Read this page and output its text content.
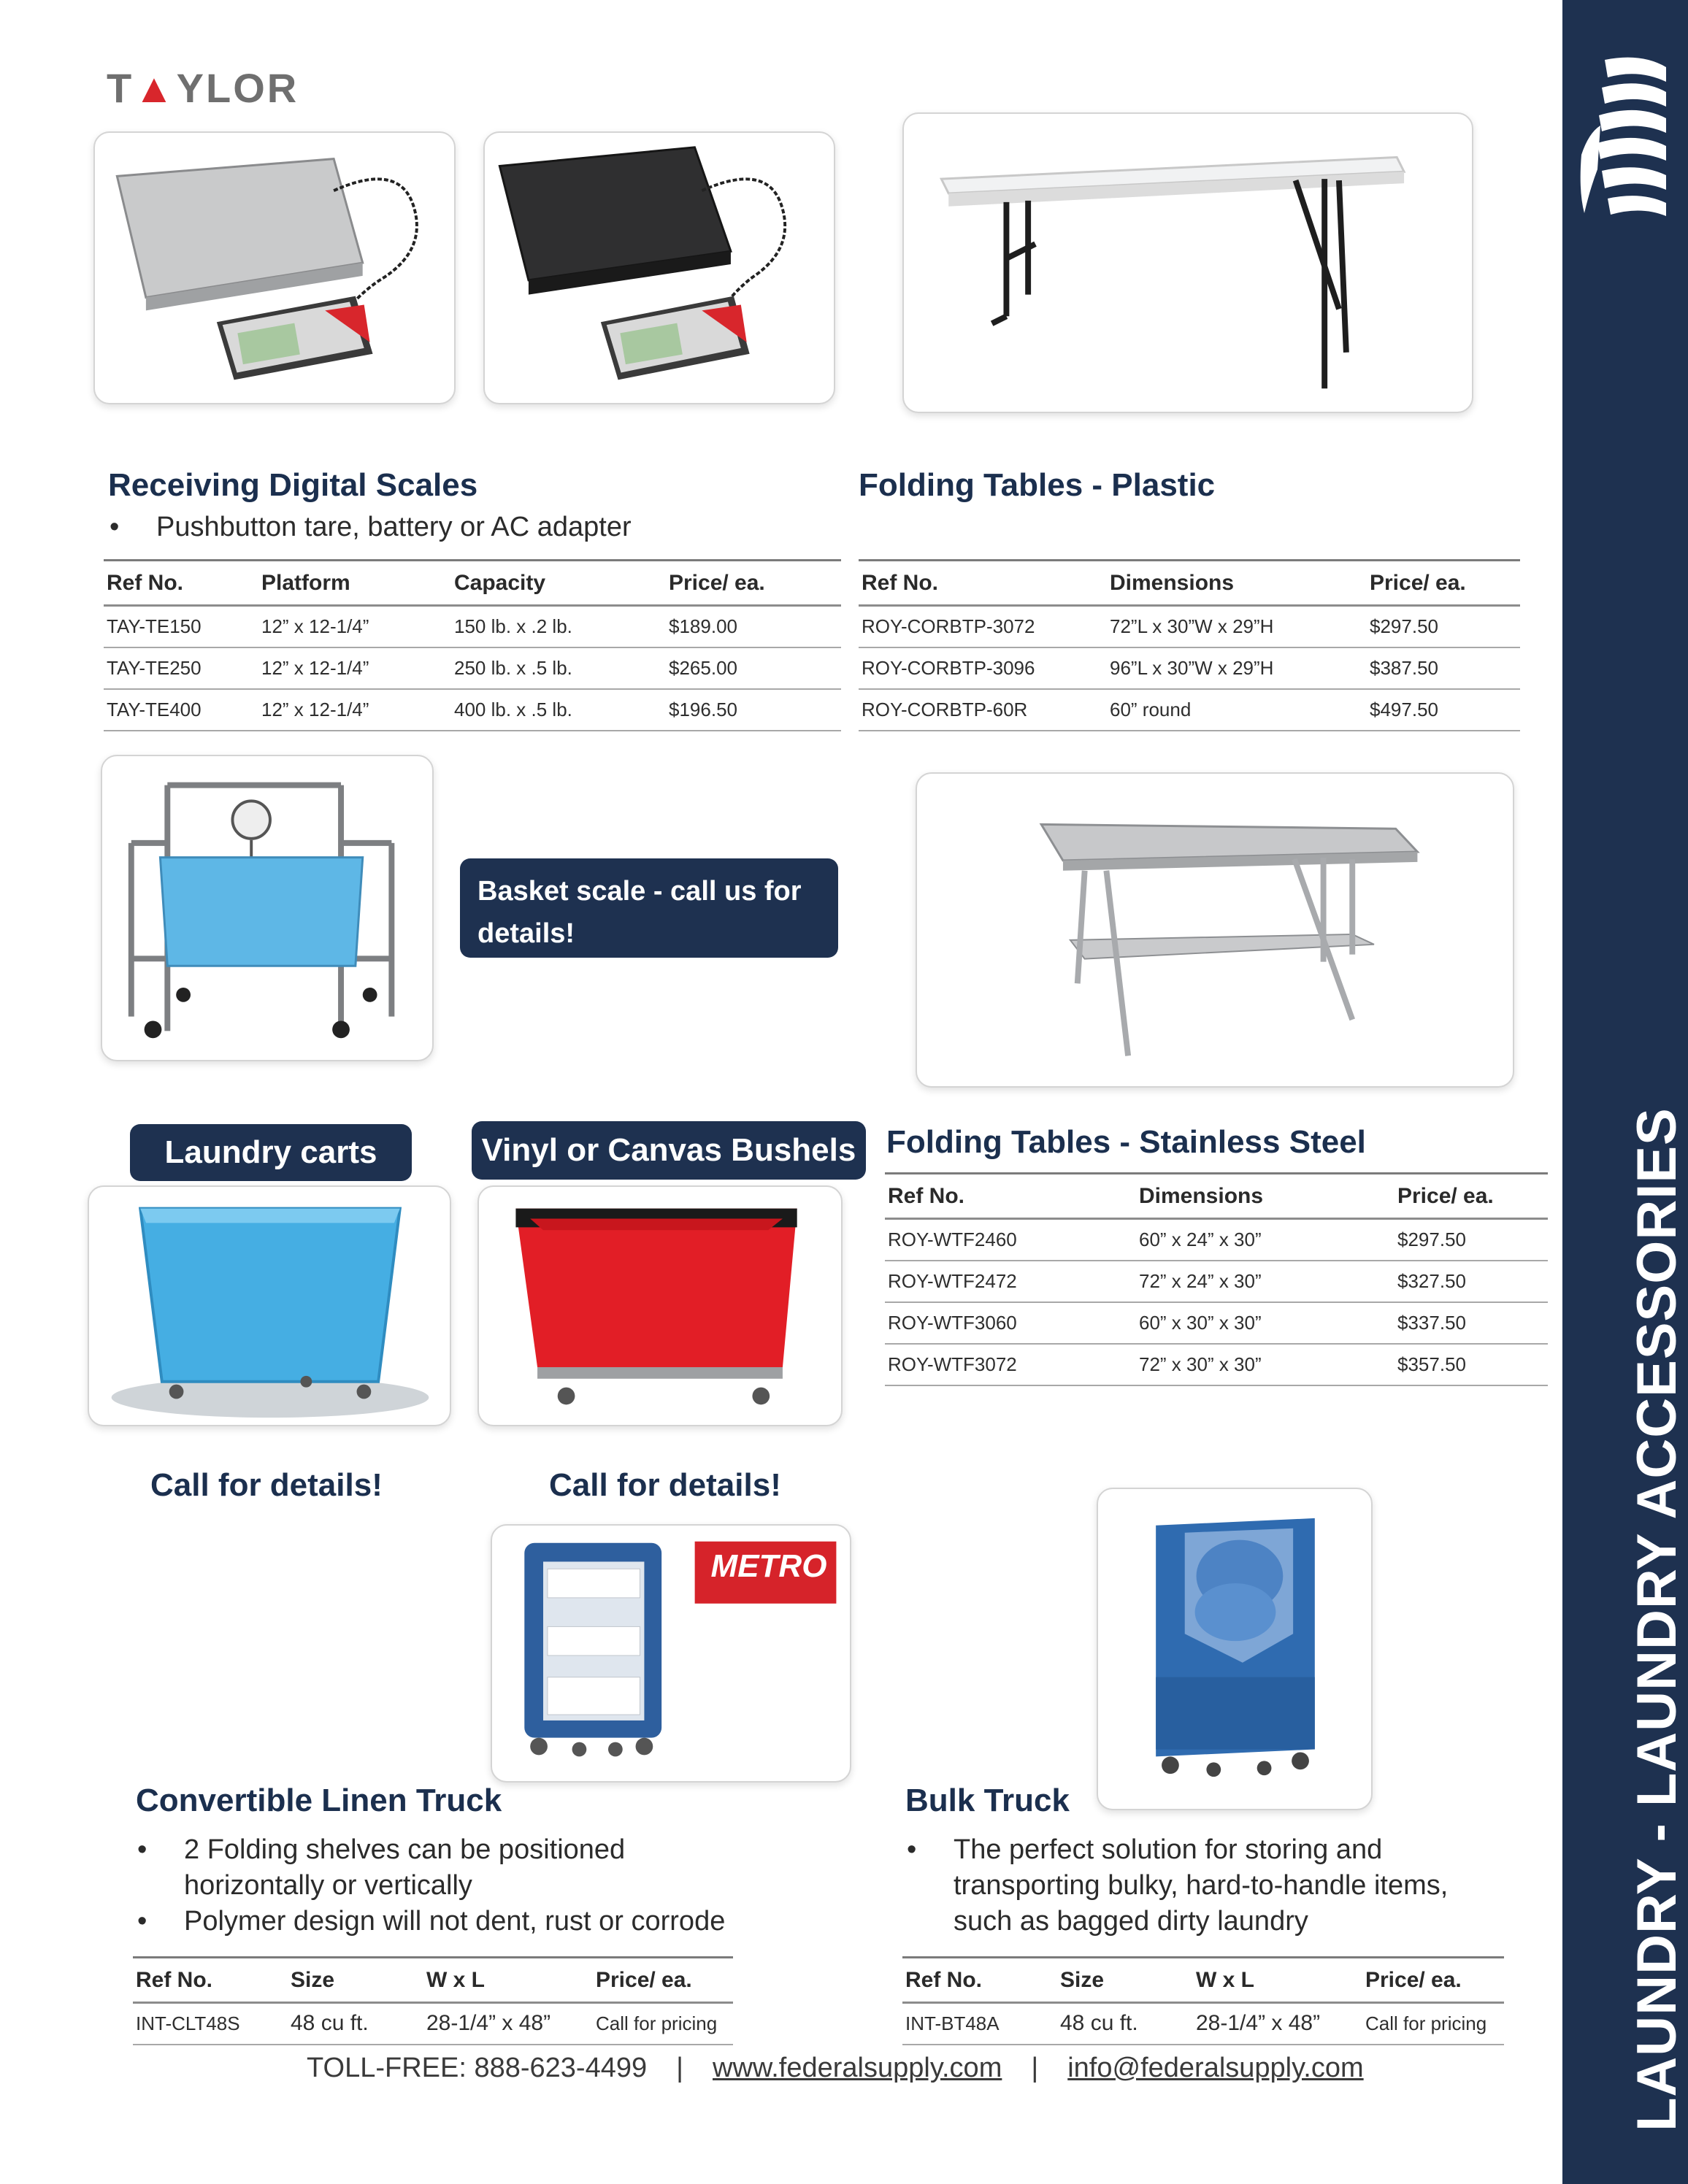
LAUNDRY - LAUNDRY ACCESSORIES
T▲YLOR
Receiving Digital Scales
• Pushbutton tare, battery or AC adapter
Ref No.	Platform	Capacity	Price/ ea.
TAY-TE150	12” x 12-1/4”	150 lb. x .2 lb.	$189.00
TAY-TE250	12” x 12-1/4”	250 lb. x .5 lb.	$265.00
TAY-TE400	12” x 12-1/4”	400 lb. x .5 lb.	$196.50
Folding Tables - Plastic
Ref No.	Dimensions	Price/ ea.
ROY-CORBTP-3072	72”L x 30”W x 29”H	$297.50
ROY-CORBTP-3096	96”L x 30”W x 29”H	$387.50
ROY-CORBTP-60R	60” round	$497.50
Basket scale - call us for
details!
Laundry carts	Vinyl or Canvas Bushels
Call for details!	Call for details!
Folding Tables - Stainless Steel
Ref No.	Dimensions	Price/ ea.
ROY-WTF2460	60” x 24” x 30”	$297.50
ROY-WTF2472	72” x 24” x 30”	$327.50
ROY-WTF3060	60” x 30” x 30”	$337.50
ROY-WTF3072	72” x 30” x 30”	$357.50
METRO
Convertible Linen Truck
• 2 Folding shelves can be positioned horizontally or vertically
• Polymer design will not dent, rust or corrode
Ref No.	Size	W x L	Price/ ea.
INT-CLT48S	48 cu ft.	28-1/4” x 48”	Call for pricing
Bulk Truck
• The perfect solution for storing and transporting bulky, hard-to-handle items, such as bagged dirty laundry
Ref No.	Size	W x L	Price/ ea.
INT-BT48A	48 cu ft.	28-1/4” x 48”	Call for pricing
TOLL-FREE: 888-623-4499 | www.federalsupply.com | info@federalsupply.com
